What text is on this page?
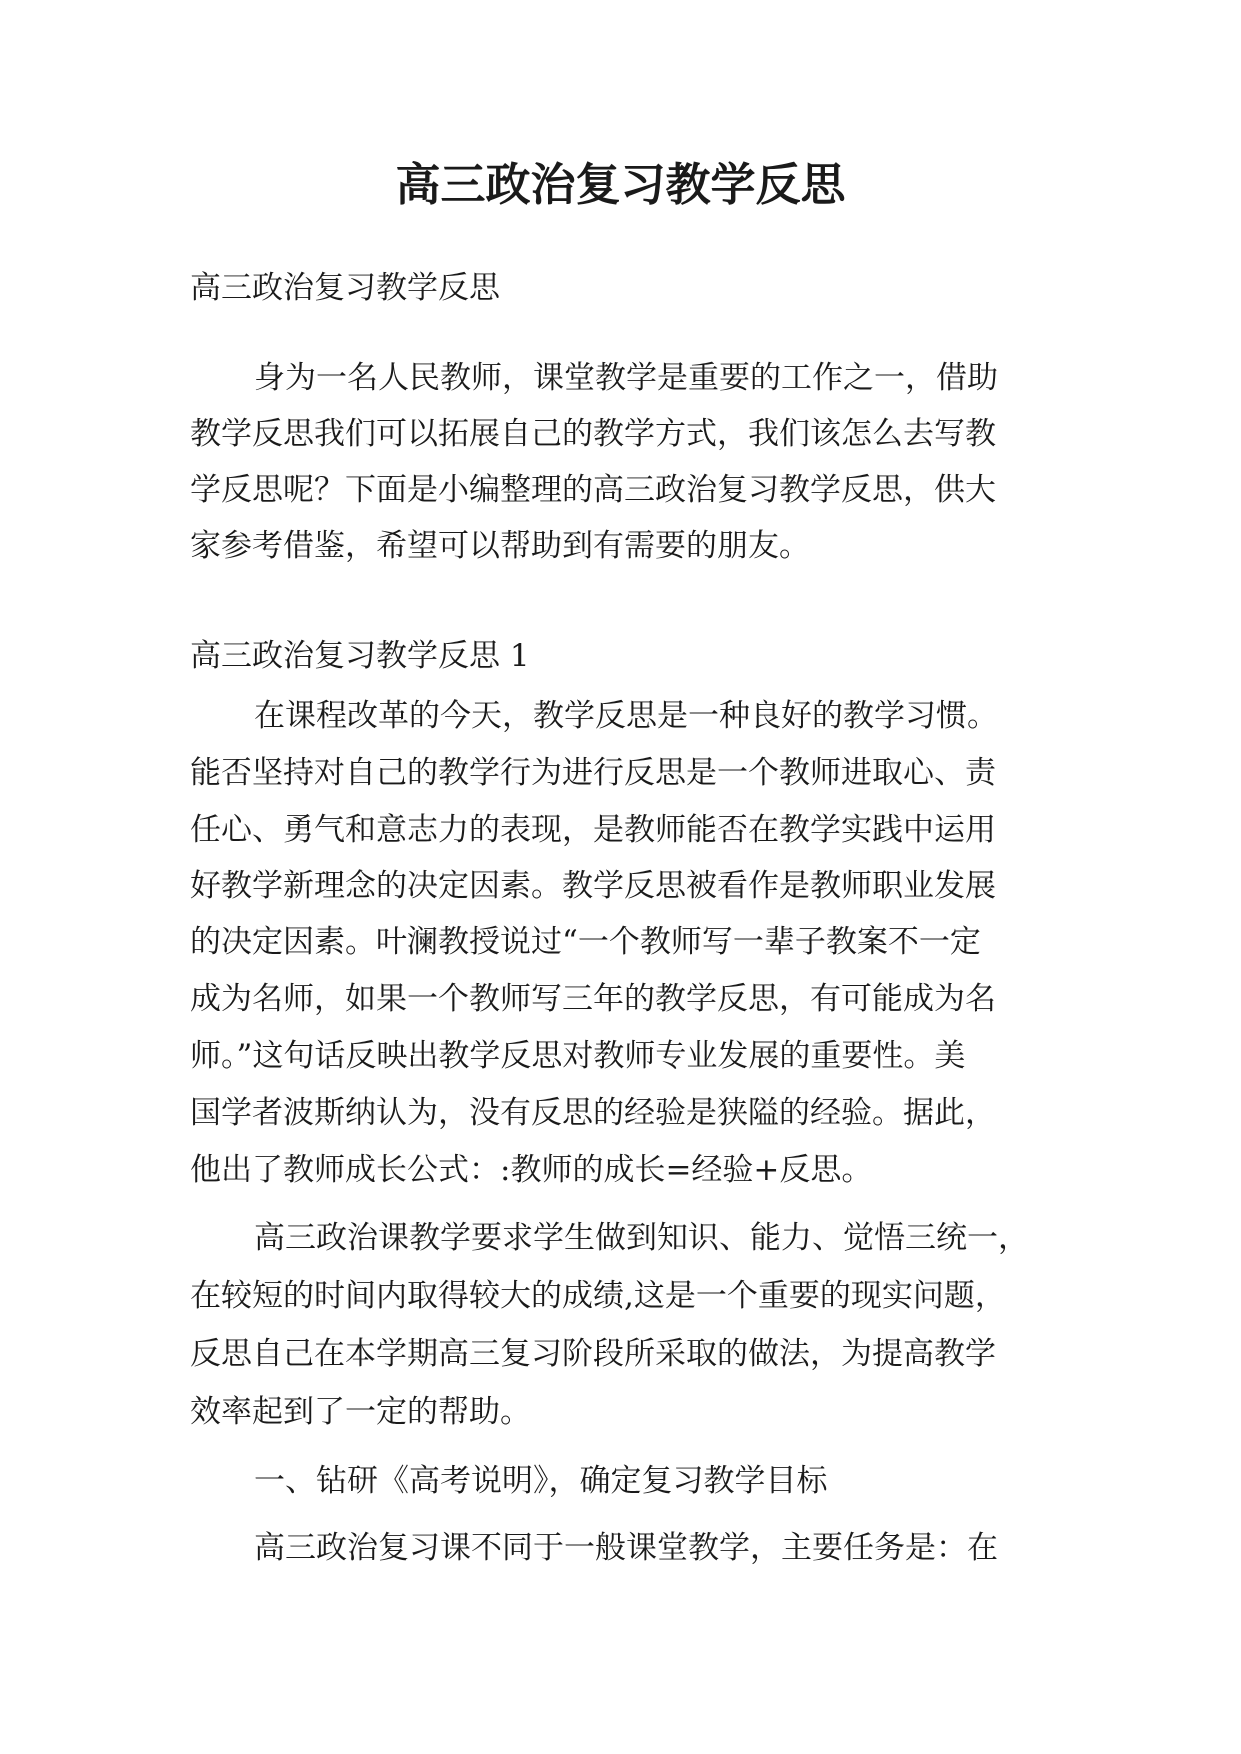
高三政治复习教学反思

高三政治复习教学反思

身为一名人民教师，课堂教学是重要的工作之一，借助

教学反思我们可以拓展自己的教学方式，我们该怎么去写教

学反思呢？下面是小编整理的高三政治复习教学反思，供大

家参考借鉴，希望可以帮助到有需要的朋友。

高三政治复习教学反思 1

在课程改革的今天，教学反思是一种良好的教学习惯。

能否坚持对自己的教学行为进行反思是一个教师进取心、责

任心、勇气和意志力的表现，是教师能否在教学实践中运用

好教学新理念的决定因素。教学反思被看作是教师职业发展

的决定因素。叶澜教授说过“一个教师写一辈子教案不一定

成为名师，如果一个教师写三年的教学反思，有可能成为名

师。”这句话反映出教学反思对教师专业发展的重要性。美

国学者波斯纳认为，没有反思的经验是狭隘的经验。据此，

他出了教师成长公式：:教师的成长=经验+反思。

高三政治课教学要求学生做到知识、能力、觉悟三统一，

在较短的时间内取得较大的成绩,这是一个重要的现实问题，

反思自己在本学期高三复习阶段所采取的做法，为提高教学

效率起到了一定的帮助。

一、钻研《高考说明》，确定复习教学目标

高三政治复习课不同于一般课堂教学，主要任务是：在
